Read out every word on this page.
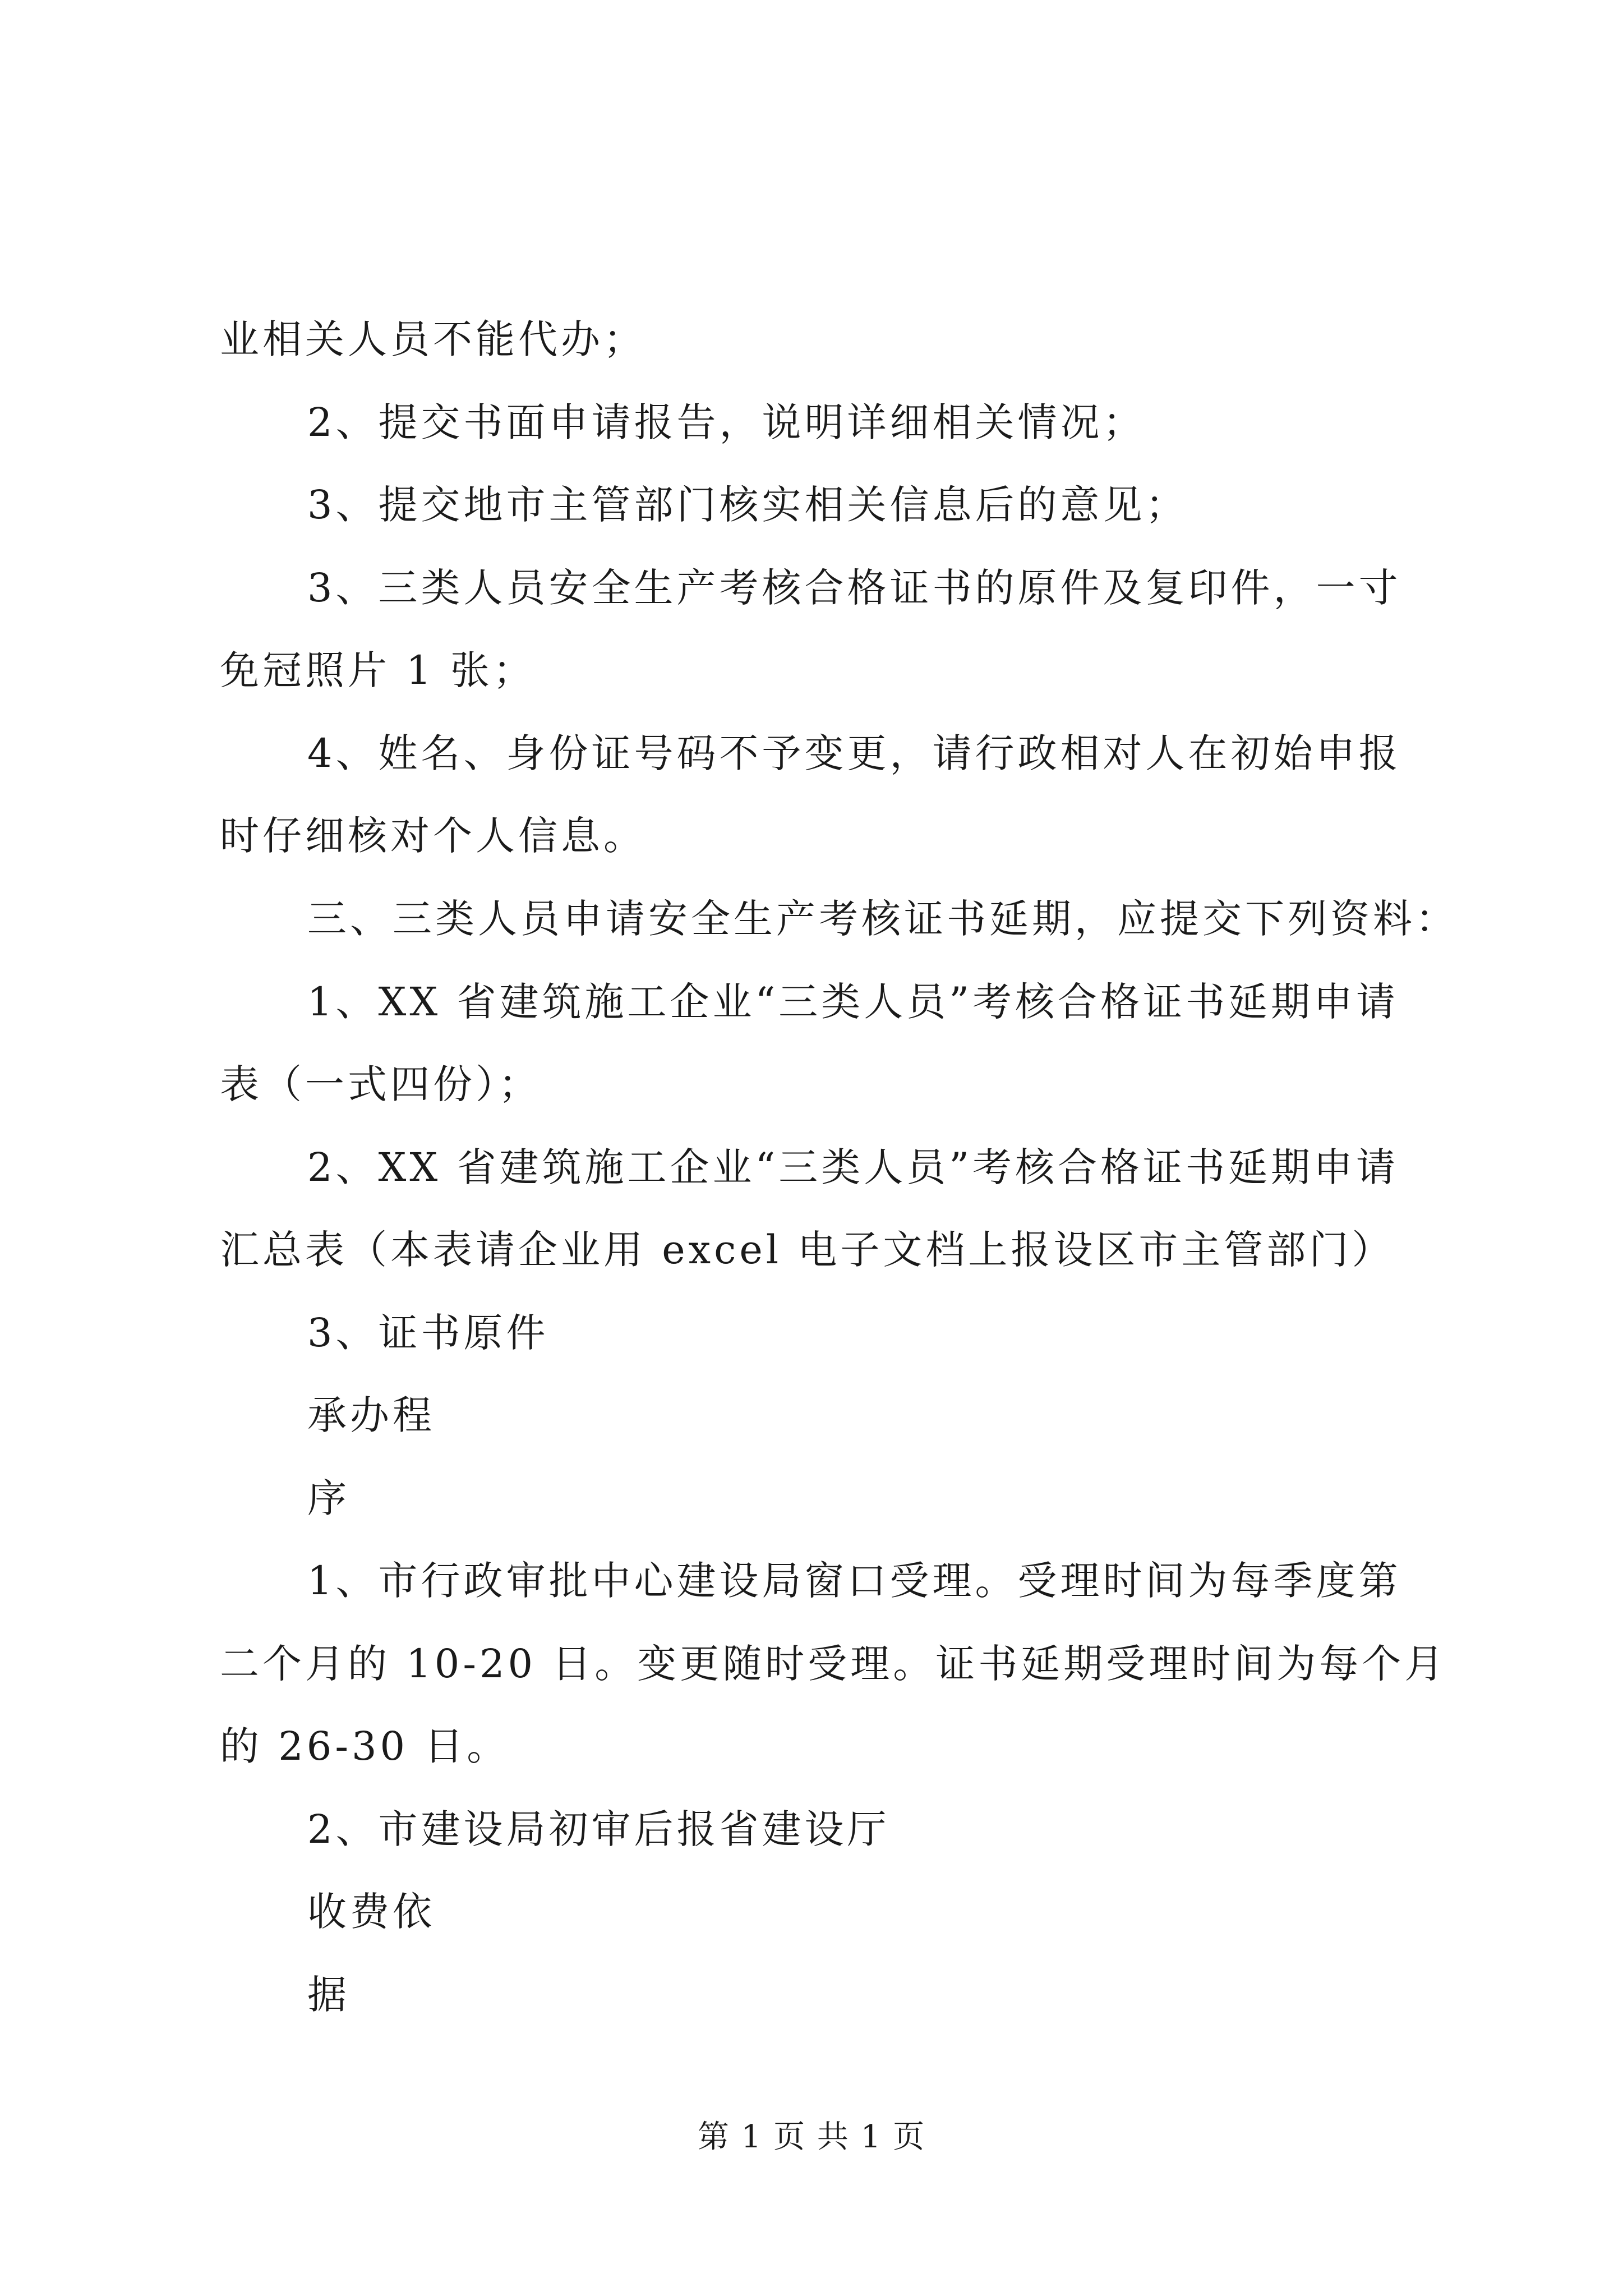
业相关人员不能代办；
2、提交书面申请报告，说明详细相关情况；
3、提交地市主管部门核实相关信息后的意见；
3、三类人员安全生产考核合格证书的原件及复印件，一寸
免冠照片 1 张；
4、姓名、身份证号码不予变更，请行政相对人在初始申报
时仔细核对个人信息。
三、三类人员申请安全生产考核证书延期，应提交下列资料：
1、XX 省建筑施工企业“三类人员”考核合格证书延期申请
表（一式四份）；
2、XX 省建筑施工企业“三类人员”考核合格证书延期申请
汇总表（本表请企业用 excel 电子文档上报设区市主管部门）
3、证书原件
承办程
序
1、市行政审批中心建设局窗口受理。受理时间为每季度第
二个月的 10-20 日。变更随时受理。证书延期受理时间为每个月
的 26-30 日。
2、市建设局初审后报省建设厅
收费依
据
第 1 页 共 1 页
